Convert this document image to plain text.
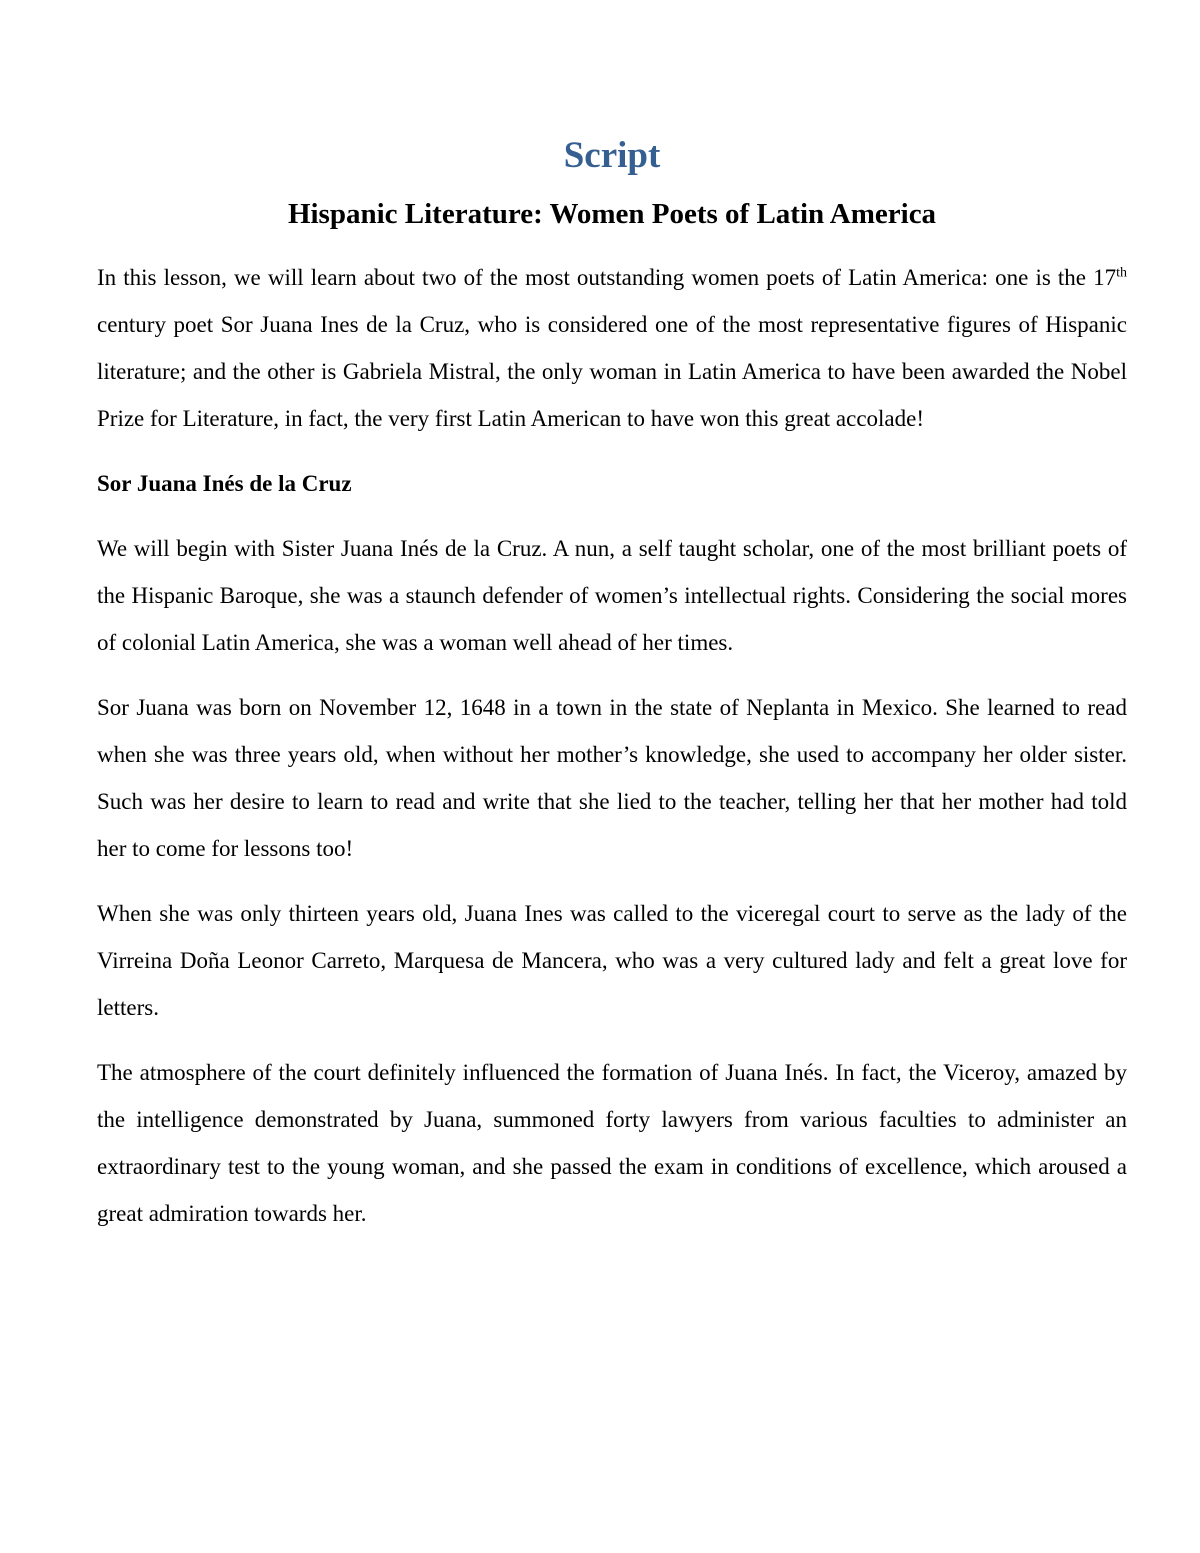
Script
Hispanic Literature: Women Poets of Latin America

In this lesson, we will learn about two of the most outstanding women poets of Latin America: one is the 17th century poet Sor Juana Ines de la Cruz, who is considered one of the most representative figures of Hispanic literature; and the other is Gabriela Mistral, the only woman in Latin America to have been awarded the Nobel Prize for Literature, in fact, the very first Latin American to have won this great accolade!

Sor Juana Inés de la Cruz

We will begin with Sister Juana Inés de la Cruz. A nun, a self taught scholar, one of the most brilliant poets of the Hispanic Baroque, she was a staunch defender of women’s intellectual rights. Considering the social mores of colonial Latin America, she was a woman well ahead of her times.

Sor Juana was born on November 12, 1648 in a town in the state of Neplanta in Mexico. She learned to read when she was three years old, when without her mother’s knowledge, she used to accompany her older sister. Such was her desire to learn to read and write that she lied to the teacher, telling her that her mother had told her to come for lessons too!

When she was only thirteen years old, Juana Ines was called to the viceregal court to serve as the lady of the Virreina Doña Leonor Carreto, Marquesa de Mancera, who was a very cultured lady and felt a great love for letters.

The atmosphere of the court definitely influenced the formation of Juana Inés. In fact, the Viceroy, amazed by the intelligence demonstrated by Juana, summoned forty lawyers from various faculties to administer an extraordinary test to the young woman, and she passed the exam in conditions of excellence, which aroused a great admiration towards her.
